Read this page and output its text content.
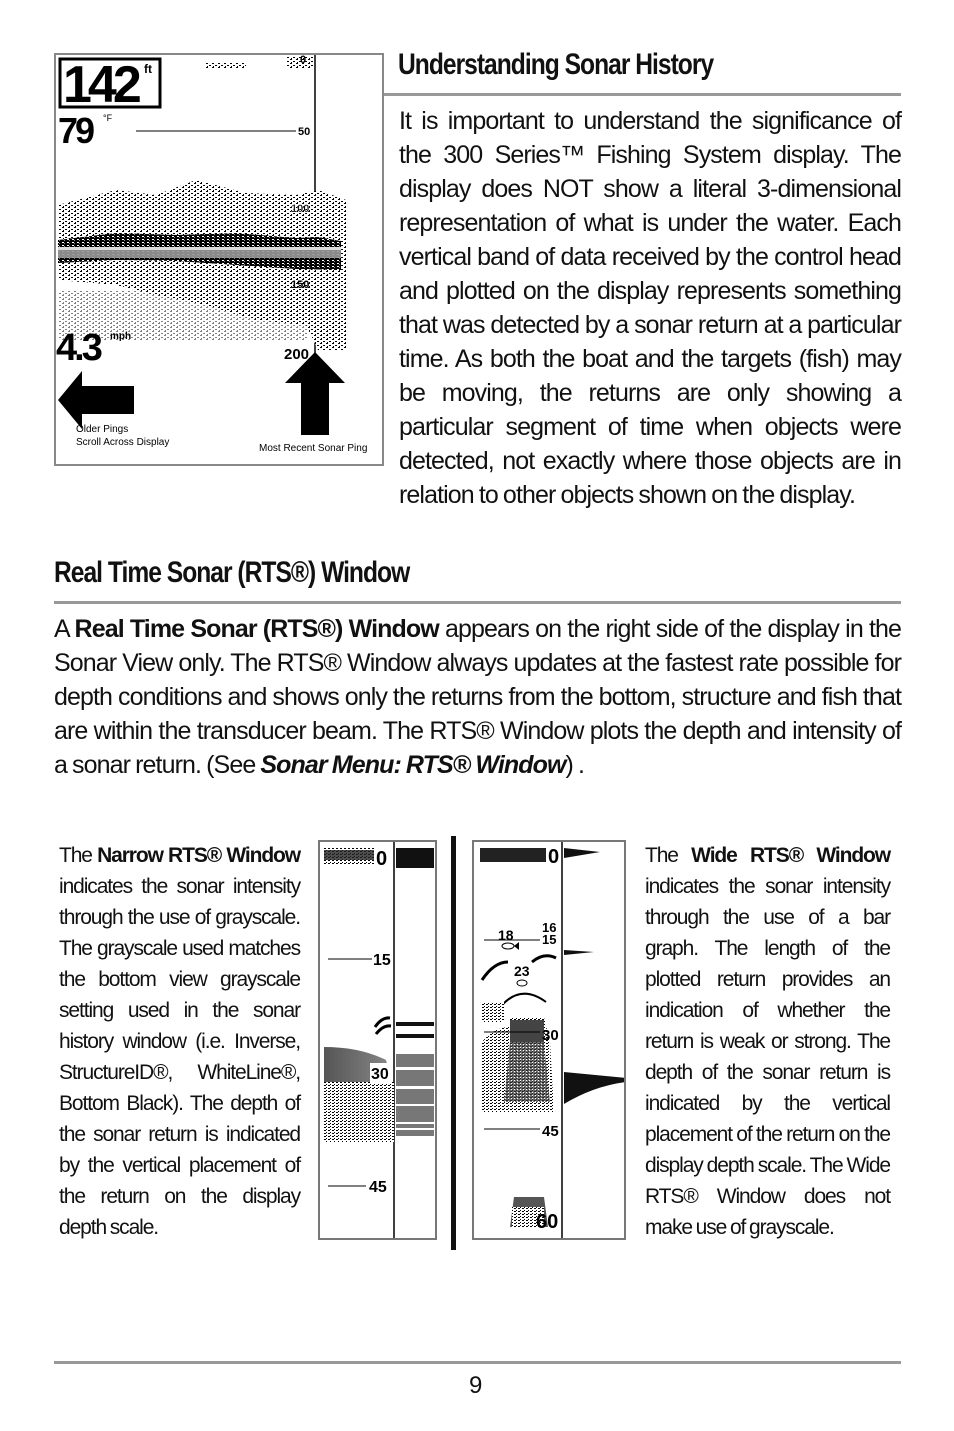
142 ft
79 °F
0
50
100
150
200
4.3 mph
Older Pings
Scroll Across Display
Most Recent Sonar Ping
Understanding Sonar History
It is important to understand the significance of the 300 Series™ Fishing System display. The display does NOT show a literal 3-dimensional representation of what is under the water. Each vertical band of data received by the control head and plotted on the display represents something that was detected by a sonar return at a particular time. As both the boat and the targets (fish) may be moving, the returns are only showing a particular segment of time when objects were detected, not exactly where those objects are in relation to other objects shown on the display.
Real Time Sonar (RTS®) Window
A Real Time Sonar (RTS®) Window appears on the right side of the display in the Sonar View only. The RTS® Window always updates at the fastest rate possible for depth conditions and shows only the returns from the bottom, structure and fish that are within the transducer beam. The RTS® Window plots the depth and intensity of a sonar return. (See Sonar Menu: RTS® Window) .
The Narrow RTS® Window indicates the sonar intensity through the use of grayscale. The grayscale used matches the bottom view grayscale setting used in the sonar history window (i.e. Inverse, StructureID®, WhiteLine®, Bottom Black). The depth of the sonar return is indicated by the vertical placement of the return on the display depth scale.
0
15
30
45
0
18 16
15
23
30
45
60
The Wide RTS® Window indicates the sonar intensity through the use of a bar graph. The length of the plotted return provides an indication of whether the return is weak or strong. The depth of the sonar return is indicated by the vertical placement of the return on the display depth scale. The Wide RTS® Window does not make use of grayscale.
9
